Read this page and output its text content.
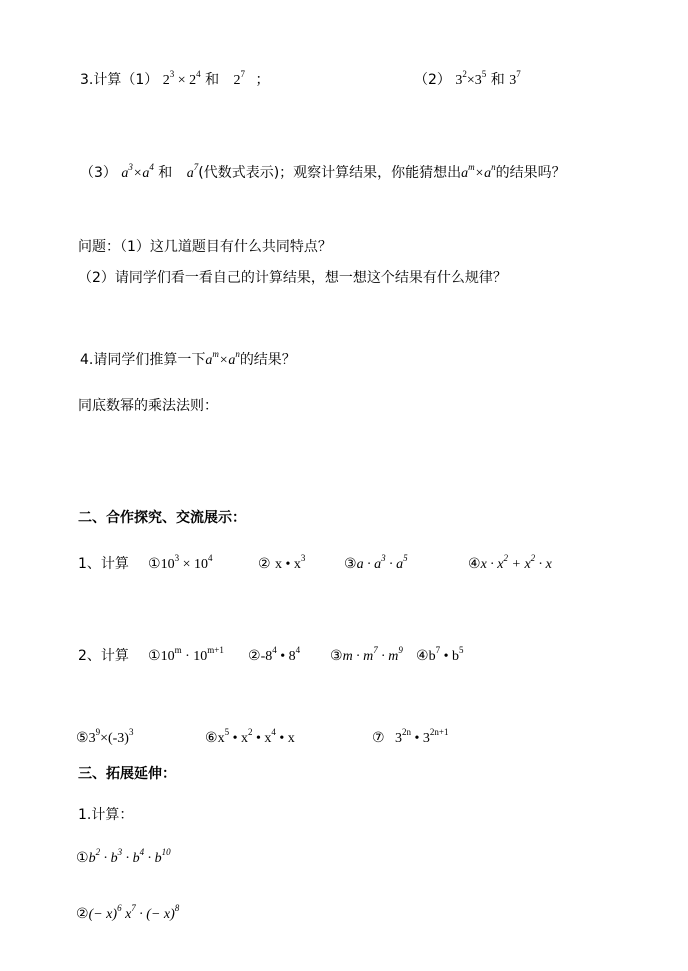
3.计算（1） $2^3 \times 2^4$ 和 $2^7$ ；	（2） $3^2\times 3^5$ 和 $3^7$
（3） $a^3\times a^4$ 和 $a^7$(代数式表示)；观察计算结果，你能猜想出$a^m\times a^n$的结果吗？
问题：（1）这几道题目有什么共同特点？
（2）请同学们看一看自己的计算结果，想一想这个结果有什么规律？
4.请同学们推算一下$a^m\times a^n$的结果？
同底数幂的乘法法则：
二、合作探究、交流展示：
1、计算 $①10^3 \times 10^4$	② x • $x^3$	③a · $a^3 \cdot a^5$	④x · $x^2 + x^2 \cdot x$
2、计算 $①10^m \cdot 10^{m+1}$ $②-8^4$ • $8^4$ ③m · $m^7 \cdot m^9$ $④b^7$ • $b^5$
$⑤3^9\times(-3)^3$	$⑥x^5$ • $x^2$ • $x^4$ • x	⑦ $3^{2n}$ • $3^{2n+1}$
三、拓展延伸：
1.计算：
$①b^2 \cdot b^3 \cdot b^4 \cdot b^{10}$
②(− x)$^6$ $x^7$ · (− x)$^8$
